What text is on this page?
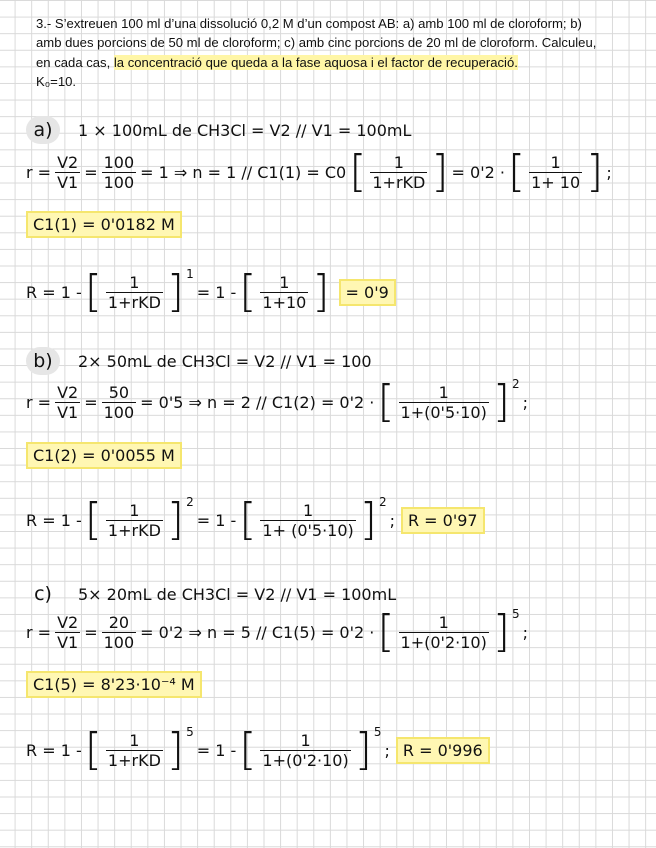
3.- S’extreuen 100 ml d’una dissolució 0,2 M d’un compost AB: a) amb 100 ml de cloroform; b)

amb dues porcions de 50 ml de cloroform; c) amb cinc porcions de 20 ml de cloroform. Calculeu,

en cada cas, la concentració que queda a la fase aquosa i el factor de recuperació.

K₀=10.

a)	1 × 100mL de CH3Cl = V2 // V1 = 100mL
$r = \frac{V2}{V1} = \frac{100}{100} = 1$ ⇒ n = 1 // C1(1) = C0 [ $\frac{1}{\text{1+rKD}}$ ] = 0'2 · [ $\frac{1}{1+ 10}$ ] ;
C1(1) = 0'0182 M
R = 1 - [ $\frac{1}{\text{1+rKD}}$ ] 1
= 1 - [ $\frac{1}{1+10}$ ]	= 0'9
b)	2× 50mL de CH3Cl = V2 // V1 = 100
$r = \frac{V2}{V1} = \frac{50}{100} = 0'5$ ⇒ n = 2 // C1(2) = 0'2 · [ $\frac{1}{1+(0'5\cdot 10)}$ ] 2
;
C1(2) = 0'0055 M
R = 1 - [ $\frac{1}{\text{1+rKD}}$ ] 2
= 1 - [ $\frac{1}{1+ (0'5\cdot 10)}$ ] 2
; R = 0'97
c)	5× 20mL de CH3Cl = V2 // V1 = 100mL
$r = \frac{V2}{V1} = \frac{20}{100} = 0'2$ ⇒ n = 5 // C1(5) = 0'2 · [ $\frac{1}{1+(0'2\cdot 10)}$ ] 5
;
C1(5) = 8'23·10⁻⁴ M
R = 1 - [ $\frac{1}{\text{1+rKD}}$ ] 5
= 1 - [ $\frac{1}{1+(0'2\cdot 10)}$ ] 5
; R = 0'996
